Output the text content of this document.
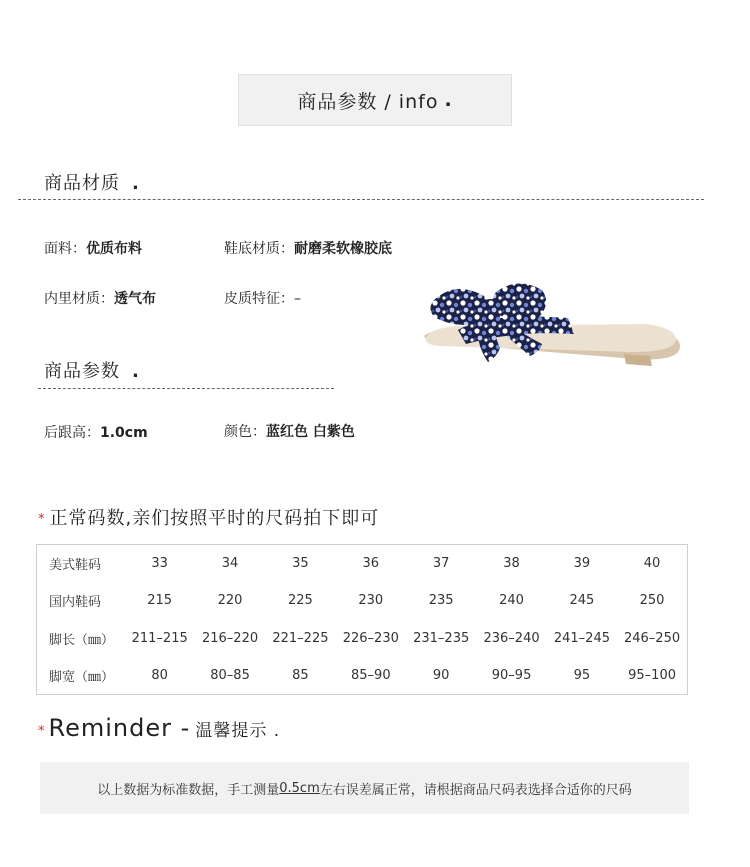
商品参数 / info .
商品材质 .
面料：优质布料	鞋底材质：耐磨柔软橡胶底
内里材质：透气布	皮质特征：–
商品参数 .
后跟高：1.0cm	颜色：蓝红色 白紫色
* 正常码数,亲们按照平时的尺码拍下即可
美式鞋码	33	34	35	36	37	38	39	40
国内鞋码	215	220	225	230	235	240	245	250
脚长（㎜）	211–215	216–220	221–225	226–230	231–235	236–240	241–245	246–250
脚宽（㎜）	80	80–85	85	85–90	90	90–95	95	95–100
* Reminder - 温馨提示 .
以上数据为标准数据，手工测量 0.5cm 左右误差属正常，请根据商品尺码表选择合适你的尺码
